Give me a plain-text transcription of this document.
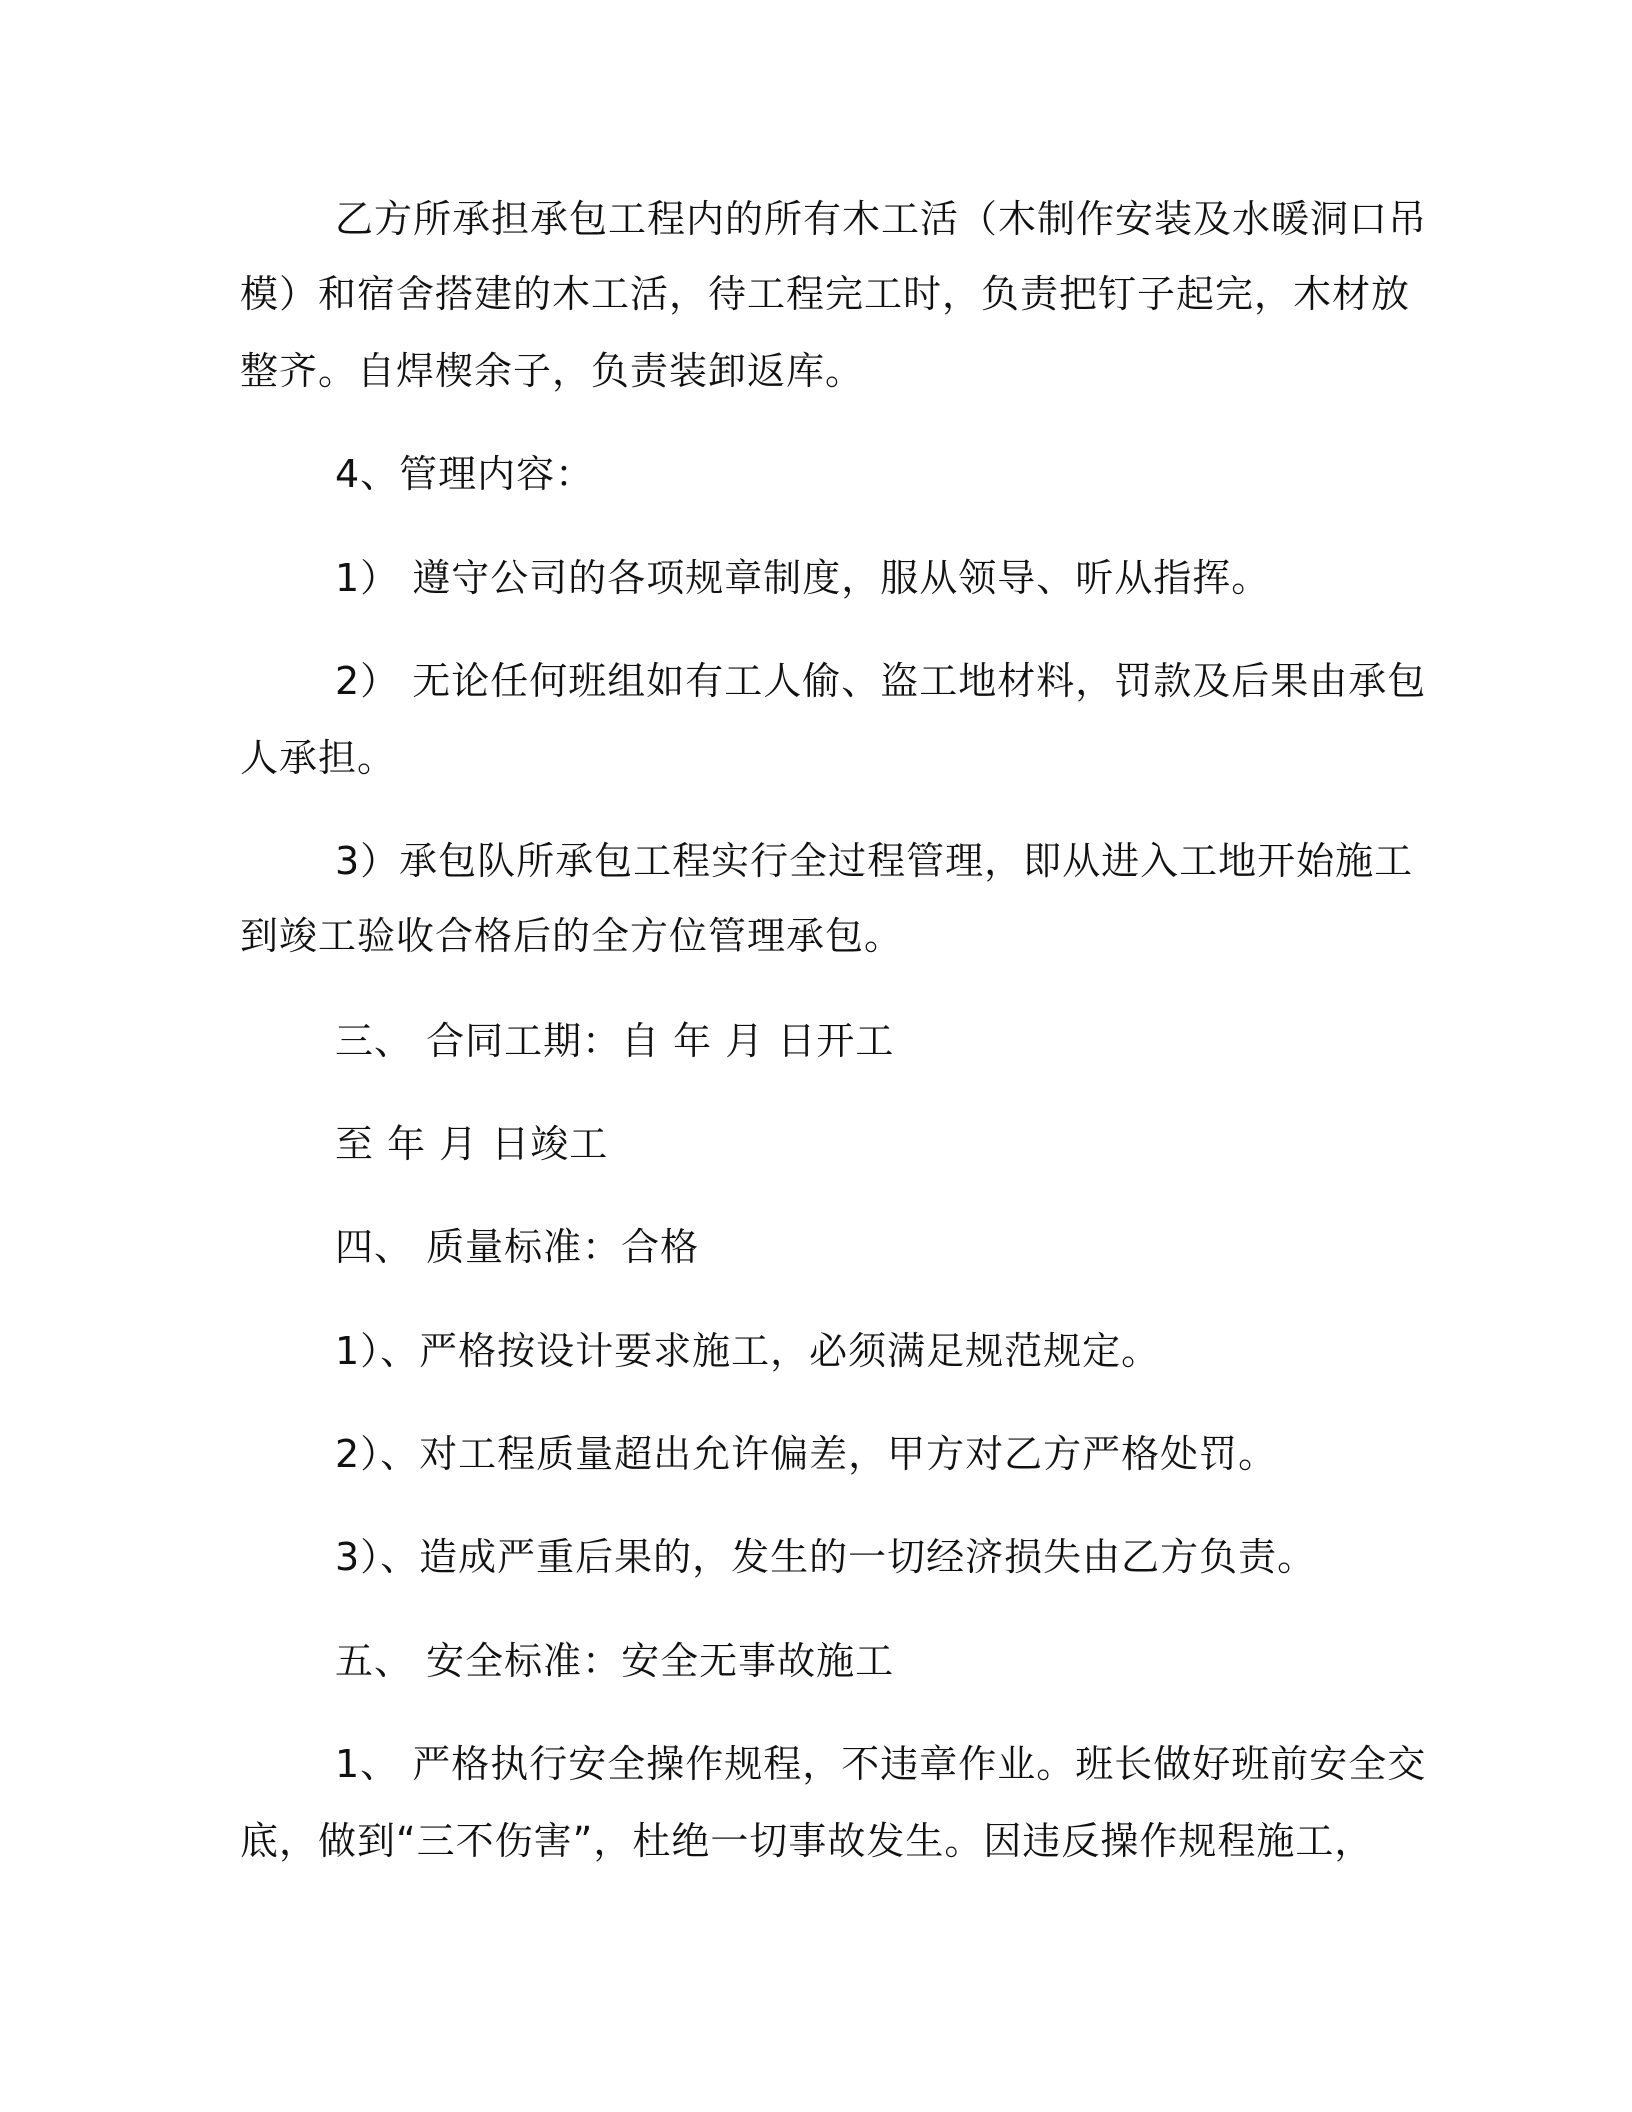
乙方所承担承包工程内的所有木工活（木制作安装及水暖洞口吊
模）和宿舍搭建的木工活，待工程完工时，负责把钉子起完，木材放
整齐。自焊楔余子，负责装卸返库。
4、管理内容：
1） 遵守公司的各项规章制度，服从领导、听从指挥。
2） 无论任何班组如有工人偷、盗工地材料，罚款及后果由承包
人承担。
3）承包队所承包工程实行全过程管理，即从进入工地开始施工
到竣工验收合格后的全方位管理承包。
三、 合同工期：自 年 月 日开工
至 年 月 日竣工
四、 质量标准：合格
1）、严格按设计要求施工，必须满足规范规定。
2）、对工程质量超出允许偏差，甲方对乙方严格处罚。
3）、造成严重后果的，发生的一切经济损失由乙方负责。
五、 安全标准：安全无事故施工
1、 严格执行安全操作规程，不违章作业。班长做好班前安全交
底，做到“三不伤害”，杜绝一切事故发生。因违反操作规程施工，
